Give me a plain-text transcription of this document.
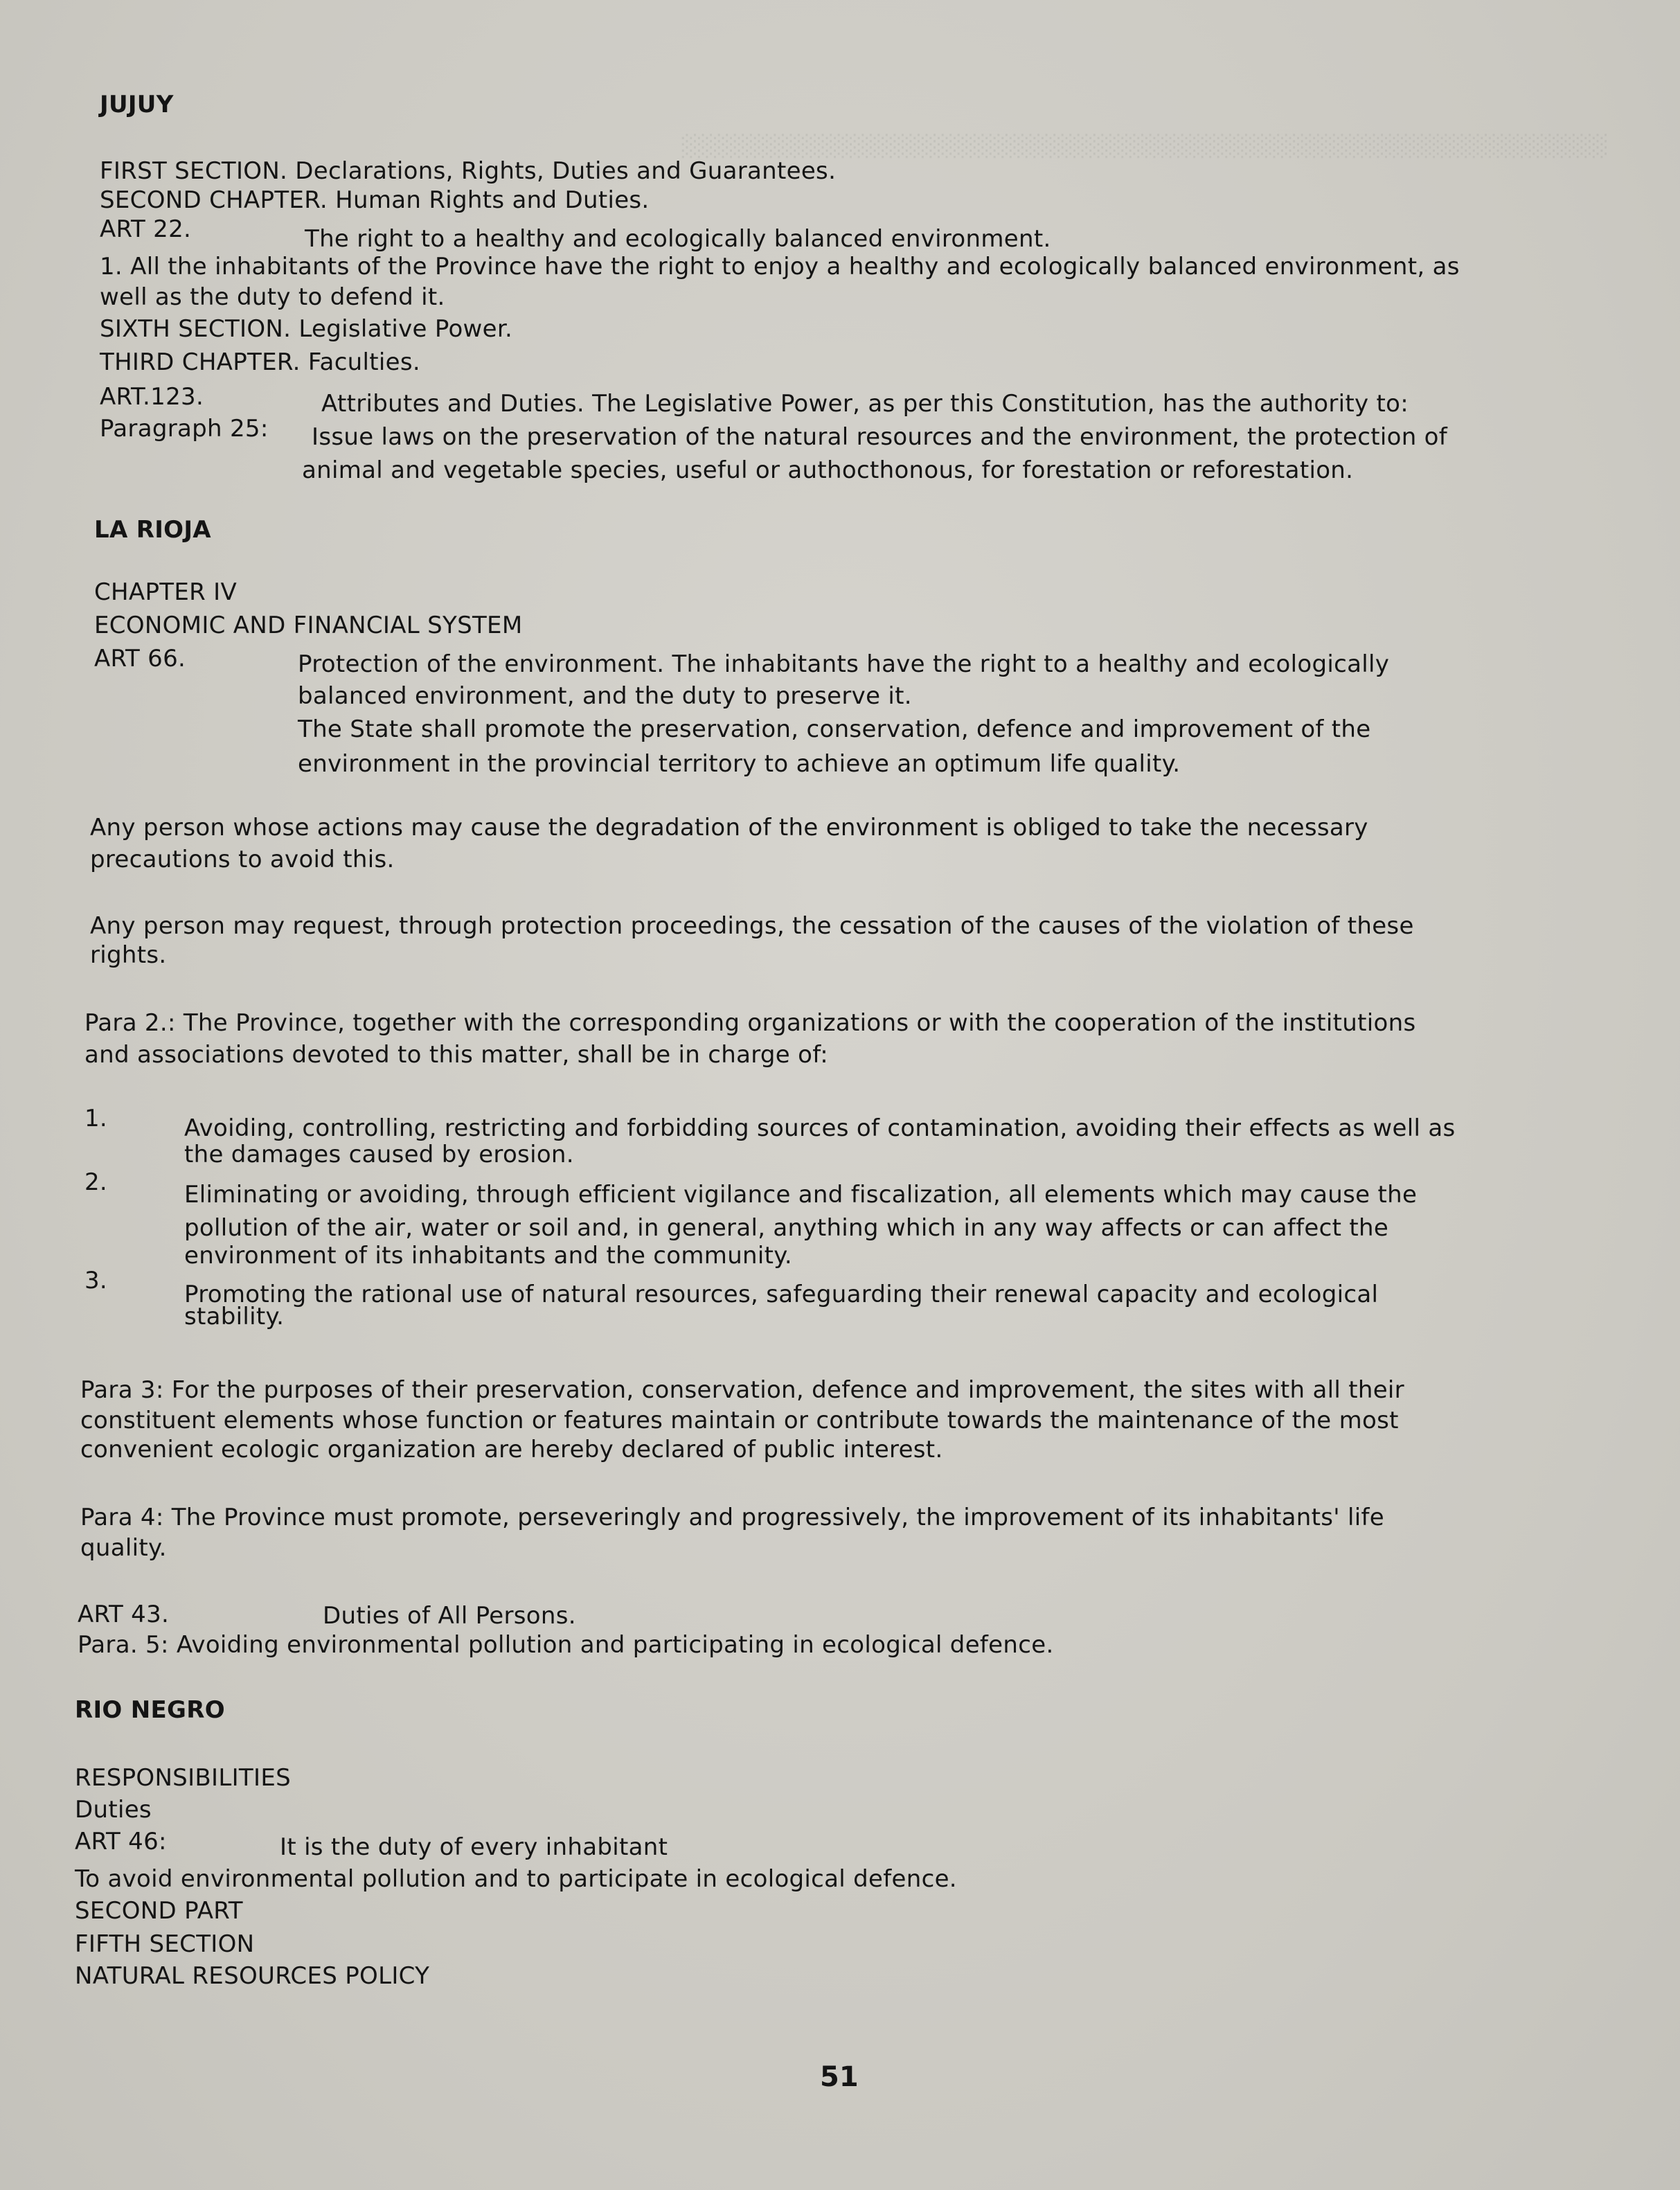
░░░░░░░░░░░░░░░░░░░░░░░░░░░░░░░░░░░░░░░░░░░░░░░░░░░░░░░░░░

JUJUY
FIRST SECTION. Declarations, Rights, Duties and Guarantees.
SECOND CHAPTER. Human Rights and Duties.
ART 22.	The right to a healthy and ecologically balanced environment.
1. All the inhabitants of the Province have the right to enjoy a healthy and ecologically balanced environment, as
well as the duty to defend it.
SIXTH SECTION. Legislative Power.
THIRD CHAPTER. Faculties.
ART.123.	Attributes and Duties. The Legislative Power, as per this Constitution, has the authority to:
Paragraph 25: Issue laws on the preservation of the natural resources and the environment, the protection of
animal and vegetable species, useful or authocthonous, for forestation or reforestation.
LA RIOJA
CHAPTER IV
ECONOMIC AND FINANCIAL SYSTEM
ART 66.	Protection of the environment. The inhabitants have the right to a healthy and ecologically
balanced environment, and the duty to preserve it.
The State shall promote the preservation, conservation, defence and improvement of the
environment in the provincial territory to achieve an optimum life quality.
Any person whose actions may cause the degradation of the environment is obliged to take the necessary
precautions to avoid this.
Any person may request, through protection proceedings, the cessation of the causes of the violation of these
rights.
Para 2.: The Province, together with the corresponding organizations or with the cooperation of the institutions
and associations devoted to this matter, shall be in charge of:
1.	Avoiding, controlling, restricting and forbidding sources of contamination, avoiding their effects as well as
the damages caused by erosion.
2.	Eliminating or avoiding, through efficient vigilance and fiscalization, all elements which may cause the
pollution of the air, water or soil and, in general, anything which in any way affects or can affect the
environment of its inhabitants and the community.
3.	Promoting the rational use of natural resources, safeguarding their renewal capacity and ecological
stability.
Para 3: For the purposes of their preservation, conservation, defence and improvement, the sites with all their
constituent elements whose function or features maintain or contribute towards the maintenance of the most
convenient ecologic organization are hereby declared of public interest.
Para 4: The Province must promote, perseveringly and progressively, the improvement of its inhabitants' life
quality.
ART 43.	Duties of All Persons.
Para. 5: Avoiding environmental pollution and participating in ecological defence.
RIO NEGRO
RESPONSIBILITIES
Duties
ART 46:	It is the duty of every inhabitant
To avoid environmental pollution and to participate in ecological defence.
SECOND PART
FIFTH SECTION
NATURAL RESOURCES POLICY
51
